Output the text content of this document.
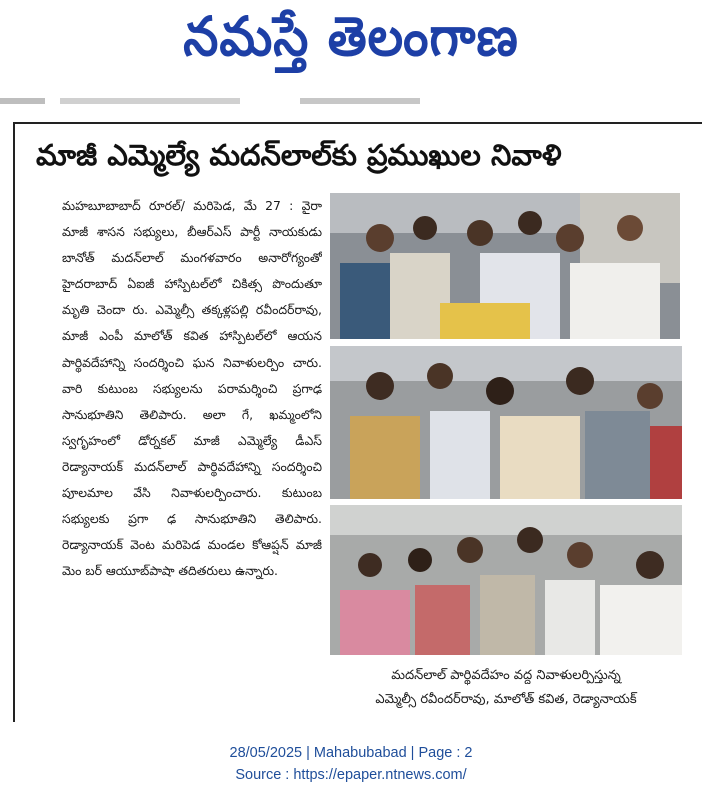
నమస్తే తెలంగాణ
మాజీ ఎమ్మెల్యే మదన్‌లాల్‌కు ప్రముఖుల నివాళి

మహబూబాబాద్ రూరల్/ మరిపెడ, మే 27 : వైరా మాజీ శాసన సభ్యులు, బీఆర్‌ఎస్ పార్టీ నాయకుడు బానోత్ మదన్‌లాల్ మంగళవారం అనారోగ్యంతో హైదరాబాద్ ఏఐజీ హాస్పిటల్‌లో చికిత్స పొందుతూ మృతి చెందా రు. ఎమ్మెల్సీ తక్కళ్లపల్లి రవీందర్‌రావు, మాజీ ఎంపీ మాలోత్ కవిత హాస్పిటల్‌లో ఆయన పార్థివదేహాన్ని సందర్శించి ఘన నివాళులర్పిం చారు. వారి కుటుంబ సభ్యులను పరామర్శించి ప్రగాఢ సానుభూతిని తెలిపారు. అలా గే, ఖమ్మంలోని స్వగృహంలో డోర్నకల్ మాజీ ఎమ్మెల్యే డీఎస్ రెడ్యానాయక్ మదన్‌లాల్ పార్థివదేహాన్ని సందర్శించి పూలమాల వేసి నివాళులర్పించారు. కుటుంబ సభ్యులకు ప్రగా ఢ సానుభూతిని తెలిపారు. రెడ్యానాయక్ వెంట మరిపెడ మండల కోఆప్షన్ మాజీ మెం బర్ ఆయూబ్‌పాషా తదితరులు ఉన్నారు.

మదన్‌లాల్ పార్థివదేహం వద్ద నివాళులర్పిస్తున్న
ఎమ్మెల్సీ రవీందర్‌రావు, మాలోత్ కవిత, రెడ్యానాయక్
28/05/2025 | Mahabubabad | Page : 2
Source : https://epaper.ntnews.com/
